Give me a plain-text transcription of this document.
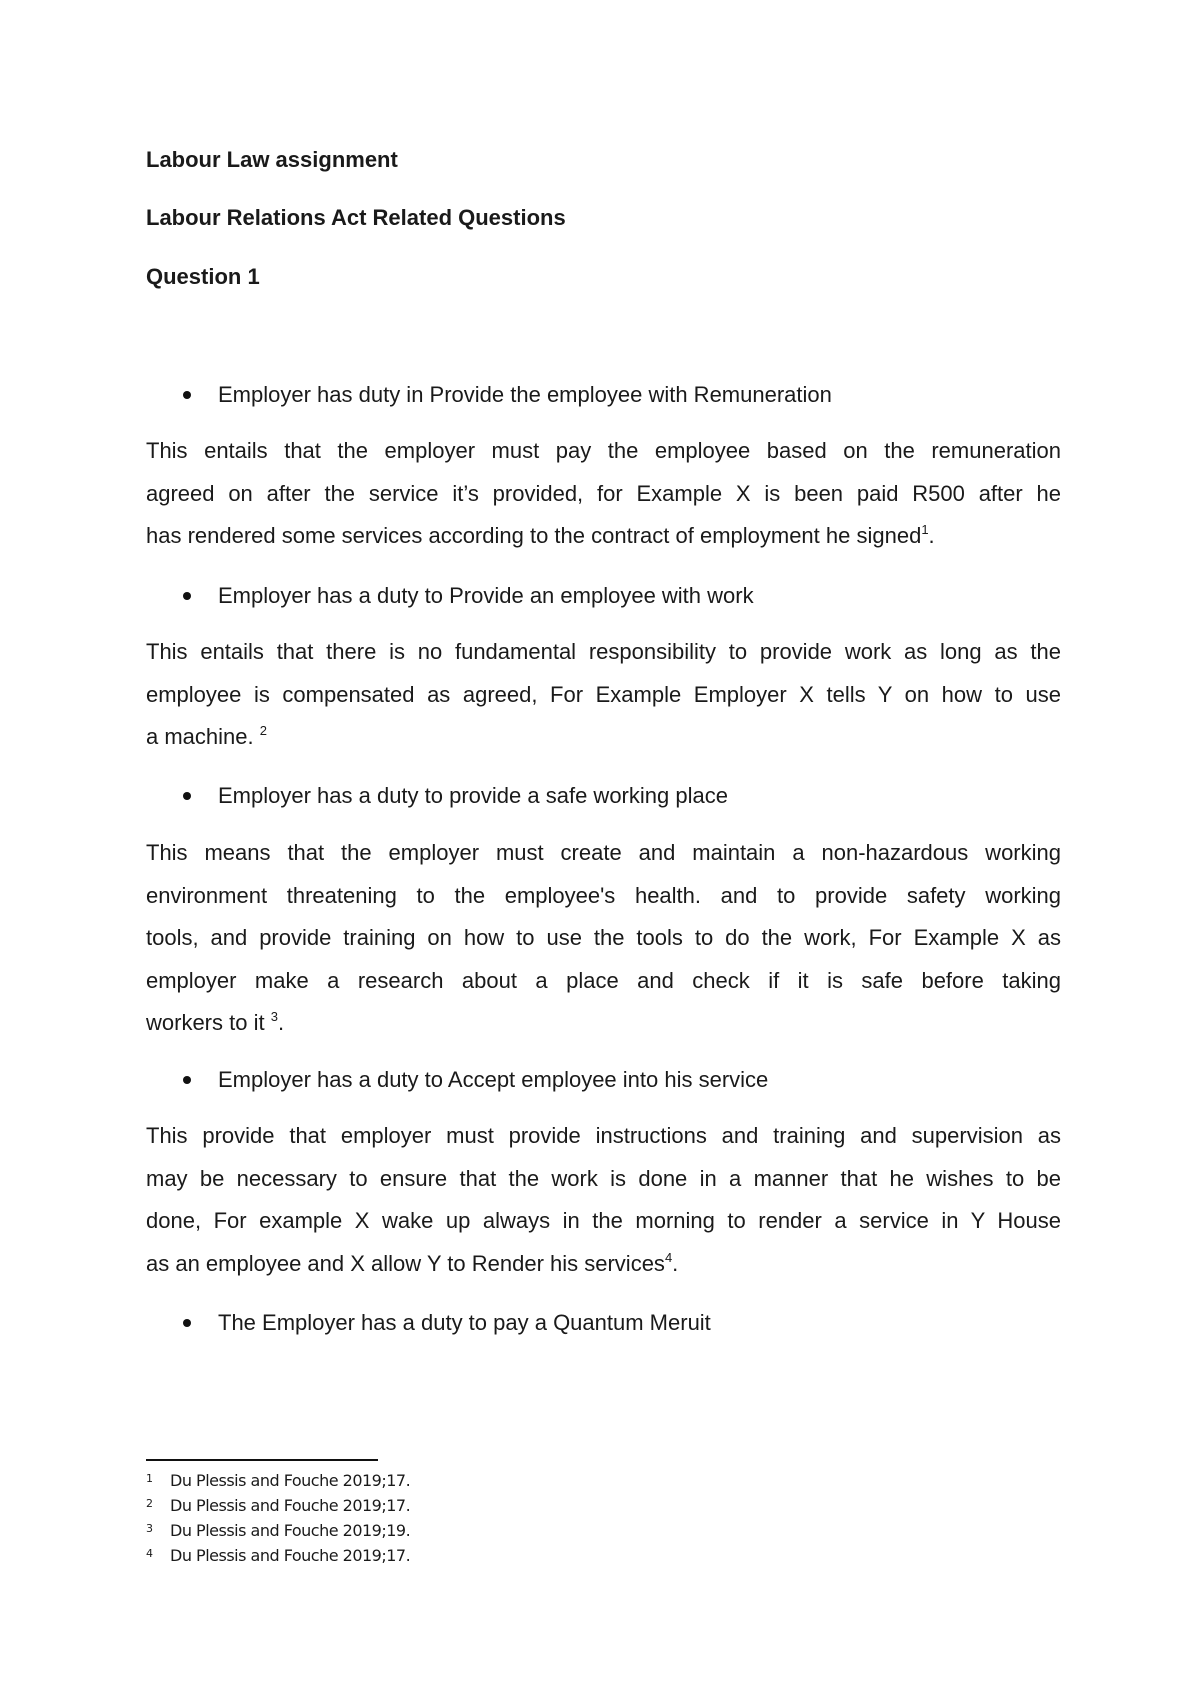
Labour Law assignment

Labour Relations Act Related Questions

Question 1

Employer has duty in Provide the employee with Remuneration
This entails that the employer must pay the employee based on the remuneration
agreed on after the service it’s provided, for Example X is been paid R500 after he
has rendered some services according to the contract of employment he signed$^1$.
Employer has a duty to Provide an employee with work
This entails that there is no fundamental responsibility to provide work as long as the
employee is compensated as agreed, For Example Employer X tells Y on how to use
a machine. $^2$
Employer has a duty to provide a safe working place
This means that the employer must create and maintain a non-hazardous working
environment threatening to the employee's health. and to provide safety working
tools, and provide training on how to use the tools to do the work, For Example X as
employer make a research about a place and check if it is safe before taking
workers to it $^3$.
Employer has a duty to Accept employee into his service
This provide that employer must provide instructions and training and supervision as
may be necessary to ensure that the work is done in a manner that he wishes to be
done, For example X wake up always in the morning to render a service in Y House
as an employee and X allow Y to Render his services$^4$.
The Employer has a duty to pay a Quantum Meruit
1 Du Plessis and Fouche 2019;17.
2 Du Plessis and Fouche 2019;17.
3 Du Plessis and Fouche 2019;19.
4 Du Plessis and Fouche 2019;17.
